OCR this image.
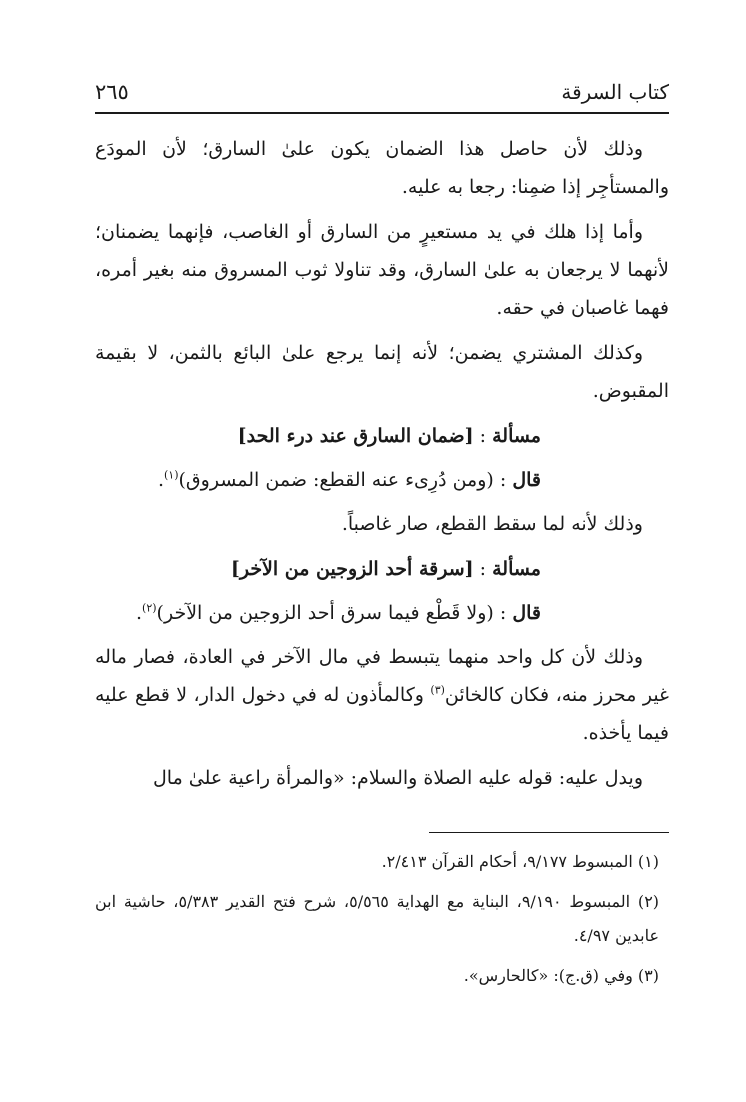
كتاب السرقة
٢٦٥

وذلك لأن حاصل هذا الضمان يكون علىٰ السارق؛ لأن المودَع والمستأجِر إذا ضمِنا: رجعا به عليه.

وأما إذا هلك في يد مستعيرٍ من السارق أو الغاصب، فإنهما يضمنان؛ لأنهما لا يرجعان به علىٰ السارق، وقد تناولا ثوب المسروق منه بغير أمره، فهما غاصبان في حقه.

وكذلك المشتري يضمن؛ لأنه إنما يرجع علىٰ البائع بالثمن، لا بقيمة المقبوض.

مسألة : [ضمان السارق عند درء الحد]

قال : (ومن دُرِىء عنه القطع: ضمن المسروق)$^{(١)}$.

وذلك لأنه لما سقط القطع، صار غاصباً.

مسألة : [سرقة أحد الزوجين من الآخر]

قال : (ولا قَطْع فيما سرق أحد الزوجين من الآخر)$^{(٢)}$.

وذلك لأن كل واحد منهما يتبسط في مال الآخر في العادة، فصار ماله غير محرز منه، فكان كالخائن$^{(٣)}$ وكالمأذون له في دخول الدار، لا قطع عليه فيما يأخذه.

ويدل عليه: قوله عليه الصلاة والسلام: «والمرأة راعية علىٰ مال

(١) المبسوط ٩/١٧٧، أحكام القرآن ٢/٤١٣.

(٢) المبسوط ٩/١٩٠، البناية مع الهداية ٥/٥٦٥، شرح فتح القدير ٥/٣٨٣، حاشية ابن عابدين ٤/٩٧.

(٣) وفي (ق.ج): «كالحارس».
